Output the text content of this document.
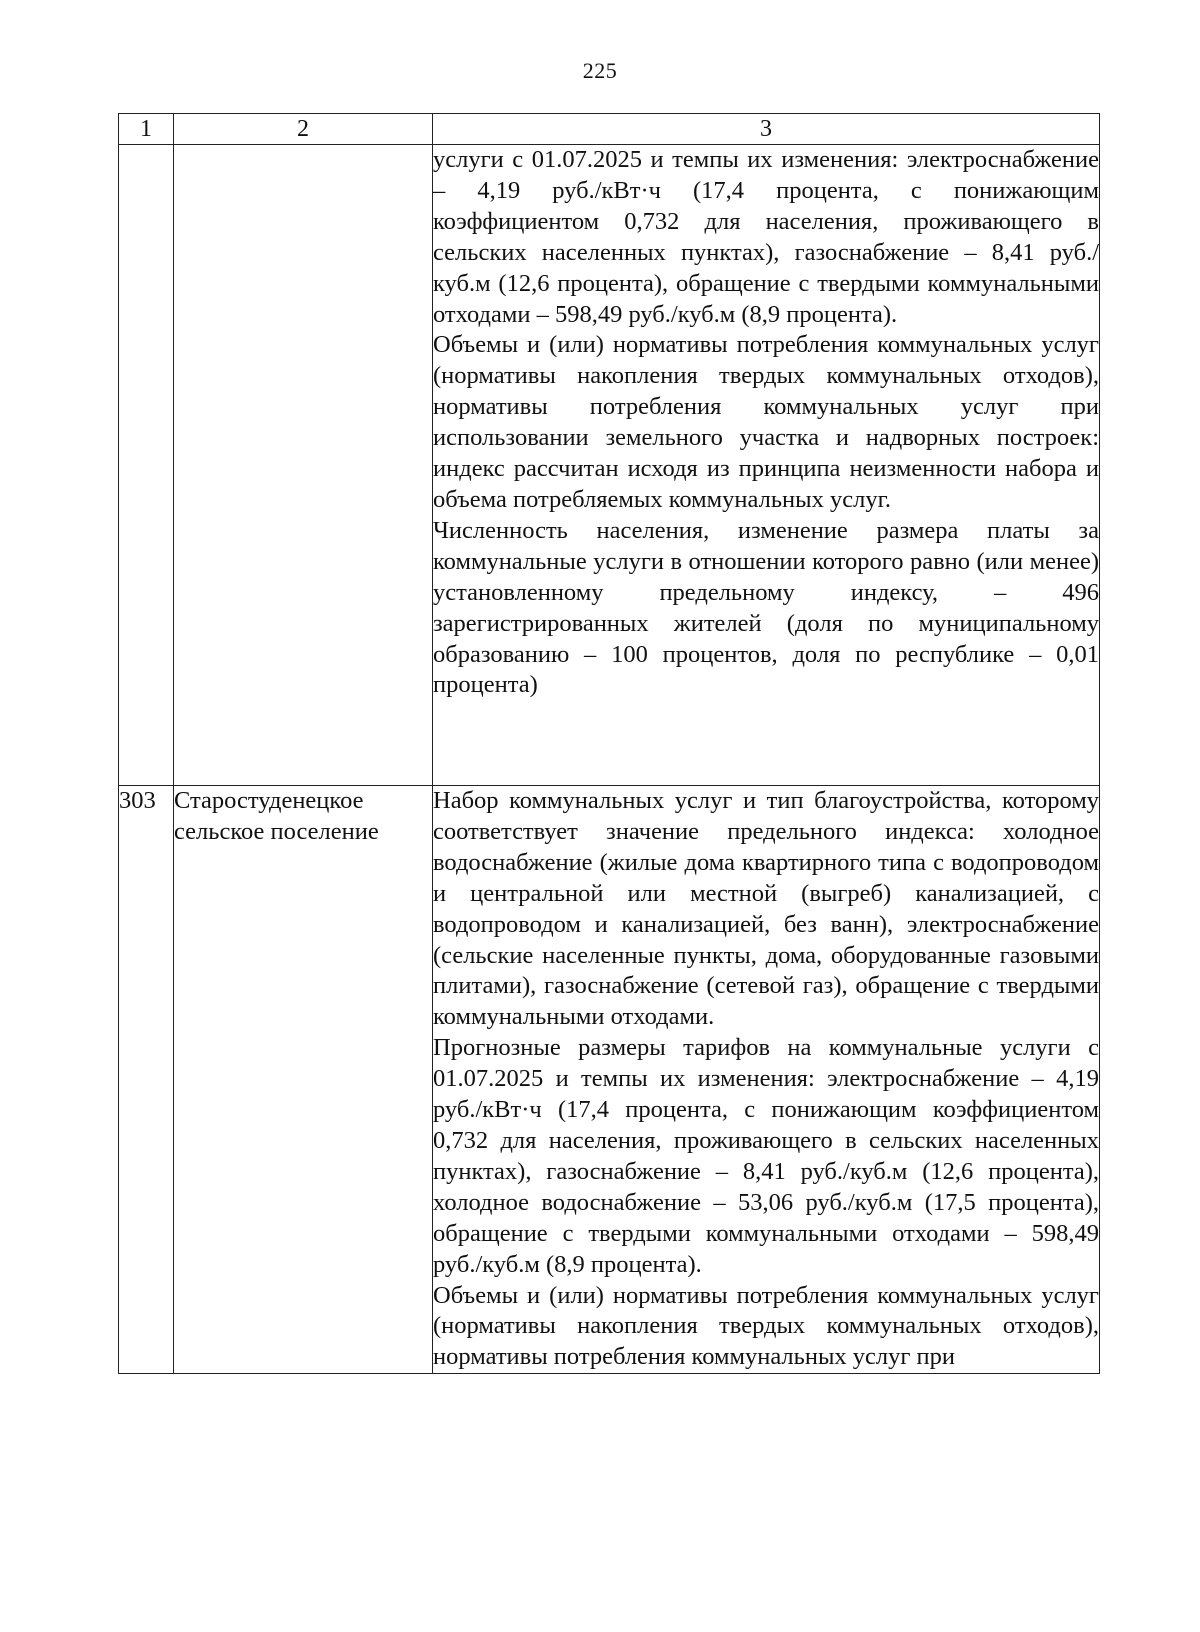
225
1	2	3

		услуги с 01.07.2025 и темпы их изменения: электроснабжение – 4,19 руб./кВт·ч (17,4 процента, с понижающим коэффициентом 0,732 для населения, проживающего в сельских населенных пунктах), газоснабжение – 8,41 руб./куб.м (12,6 процента), обращение с твердыми коммунальными отходами – 598,49 руб./куб.м (8,9 процента).

Объемы и (или) нормативы потребления коммунальных услуг (нормативы накопления твердых коммунальных отходов), нормативы потребления коммунальных услуг при использовании земельного участка и надворных построек: индекс рассчитан исходя из принципа неизменности набора и объема потребляемых коммунальных услуг.

Численность населения, изменение размера платы за коммунальные услуги в отношении которого равно (или менее) установленному предельному индексу, – 496 зарегистрированных жителей (доля по муниципальному образованию – 100 процентов, доля по республике – 0,01 процента)

303	Старостуденецкое сельское поселение	Набор коммунальных услуг и тип благоустройства, которому соответствует значение предельного индекса: холодное водоснабжение (жилые дома квартирного типа с водопроводом и центральной или местной (выгреб) канализацией, с водопроводом и канализацией, без ванн), электроснабжение (сельские населенные пункты, дома, оборудованные газовыми плитами), газоснабжение (сетевой газ), обращение с твердыми коммунальными отходами.

Прогнозные размеры тарифов на коммунальные услуги с 01.07.2025 и темпы их изменения: электроснабжение – 4,19 руб./кВт·ч (17,4 процента, с понижающим коэффициентом 0,732 для населения, проживающего в сельских населенных пунктах), газоснабжение – 8,41 руб./куб.м (12,6 процента), холодное водоснабжение – 53,06 руб./куб.м (17,5 процента), обращение с твердыми коммунальными отходами – 598,49 руб./куб.м (8,9 процента).

Объемы и (или) нормативы потребления коммунальных услуг (нормативы накопления твердых коммунальных отходов), нормативы потребления коммунальных услуг при
